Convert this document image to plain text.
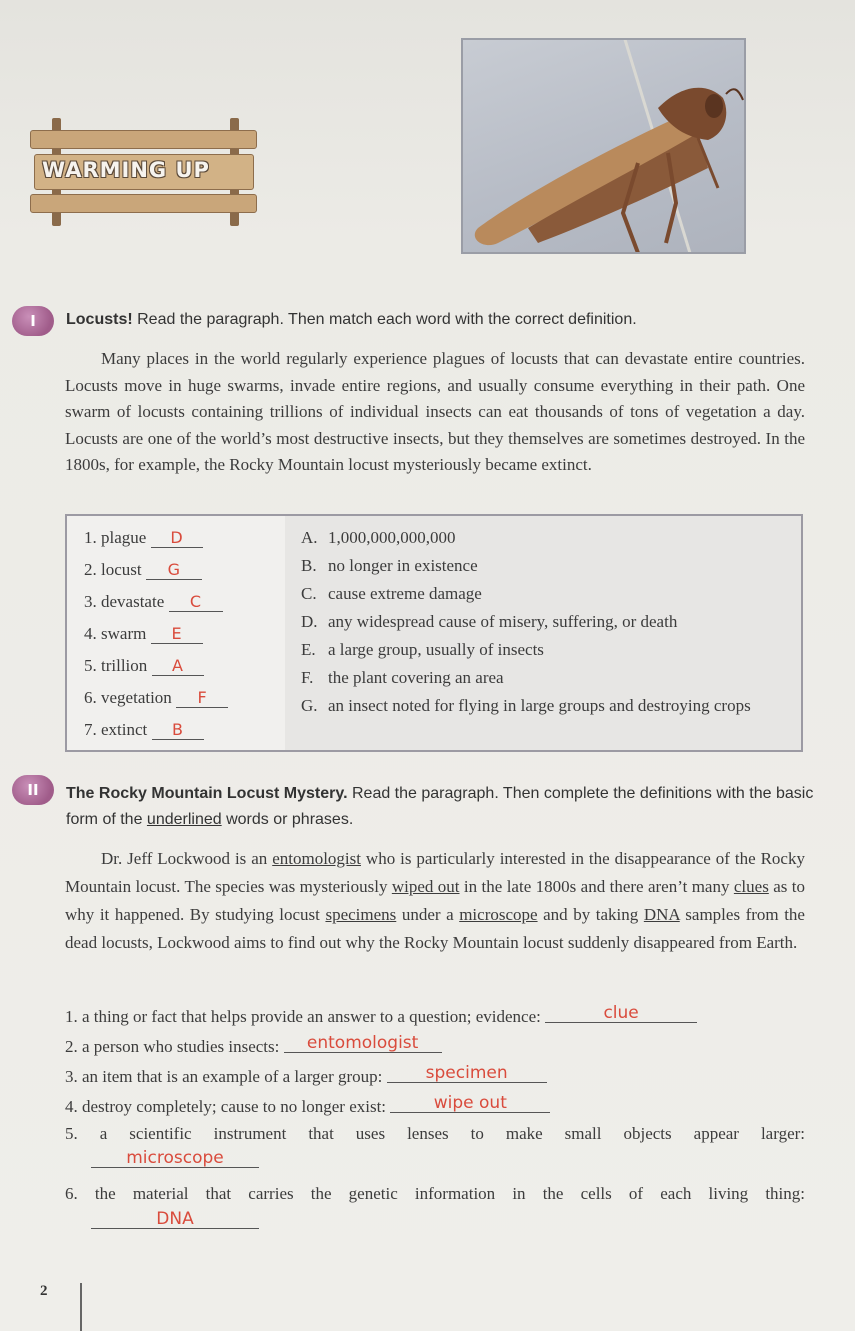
WARMING UP
I	Locusts! Read the paragraph. Then match each word with the correct definition.
Many places in the world regularly experience plagues of locusts that can devastate entire countries. Locusts move in huge swarms, invade entire regions, and usually consume everything in their path. One swarm of locusts containing trillions of individual insects can eat thousands of tons of vegetation a day. Locusts are one of the world’s most destructive insects, but they themselves are sometimes destroyed. In the 1800s, for example, the Rocky Mountain locust mysteriously became extinct.
1. plague D
2. locust G
3. devastate C
4. swarm E
5. trillion A
6. vegetation F
7. extinct B
A. 1,000,000,000,000
B. no longer in existence
C. cause extreme damage
D. any widespread cause of misery, suffering, or death
E. a large group, usually of insects
F. the plant covering an area
G. an insect noted for flying in large groups and destroying crops
II	The Rocky Mountain Locust Mystery. Read the paragraph. Then complete the definitions with the basic form of the underlined words or phrases.
Dr. Jeff Lockwood is an entomologist who is particularly interested in the disappearance of the Rocky Mountain locust. The species was mysteriously wiped out in the late 1800s and there aren’t many clues as to why it happened. By studying locust specimens under a microscope and by taking DNA samples from the dead locusts, Lockwood aims to find out why the Rocky Mountain locust suddenly disappeared from Earth.
1. a thing or fact that helps provide an answer to a question; evidence:	clue
2. a person who studies insects: entomologist
3. an item that is an example of a larger group:	specimen
4. destroy completely; cause to no longer exist:	wipe out
5. a scientific instrument that uses lenses to make small objects appear larger:
microscope
6. the material that carries the genetic information in the cells of each living thing:
DNA
2
